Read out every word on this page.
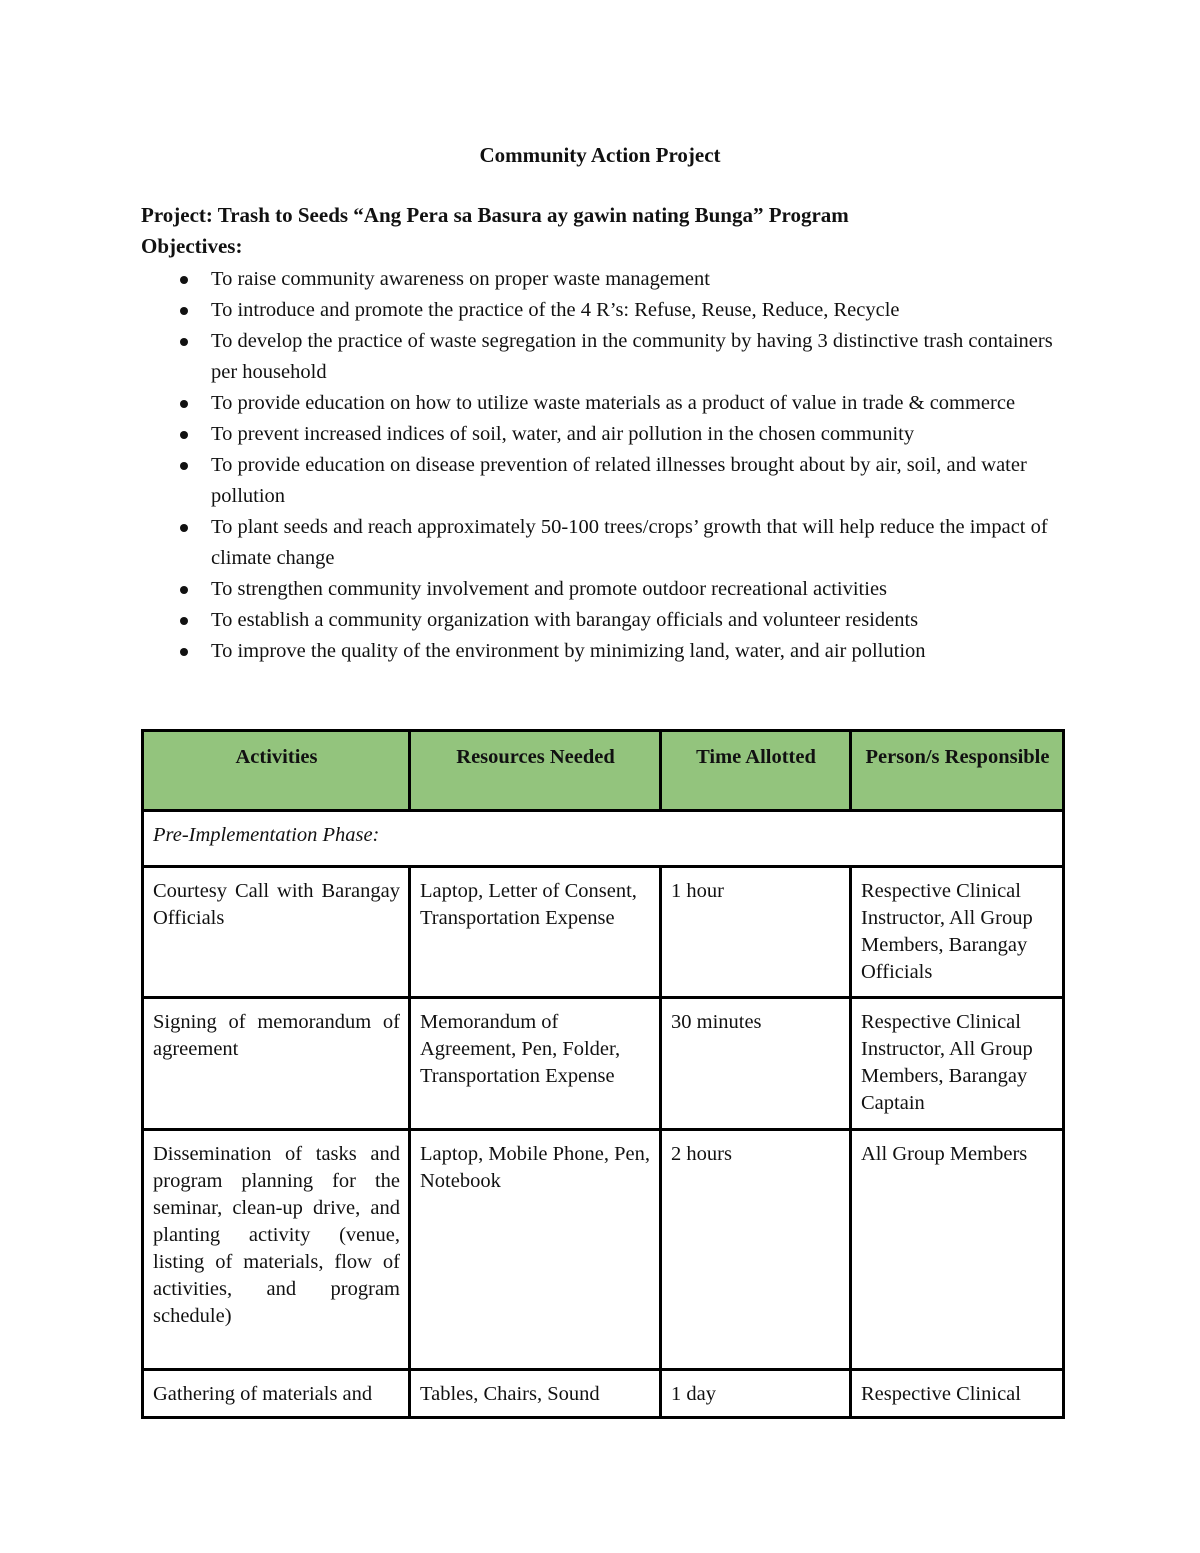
Community Action Project
Project: Trash to Seeds “Ang Pera sa Basura ay gawin nating Bunga” Program
Objectives:
To raise community awareness on proper waste management
To introduce and promote the practice of the 4 R’s: Refuse, Reuse, Reduce, Recycle
To develop the practice of waste segregation in the community by having 3 distinctive trash containers per household
To provide education on how to utilize waste materials as a product of value in trade & commerce
To prevent increased indices of soil, water, and air pollution in the chosen community
To provide education on disease prevention of related illnesses brought about by air, soil, and water pollution
To plant seeds and reach approximately 50-100 trees/crops’ growth that will help reduce the impact of climate change
To strengthen community involvement and promote outdoor recreational activities
To establish a community organization with barangay officials and volunteer residents
To improve the quality of the environment by minimizing land, water, and air pollution
Activities	Resources Needed	Time Allotted	Person/s Responsible
Pre-Implementation Phase:			
Courtesy Call with Barangay Officials	Laptop, Letter of Consent, Transportation Expense	1 hour	Respective Clinical Instructor, All Group Members, Barangay Officials
Signing of memorandum of agreement	Memorandum of Agreement, Pen, Folder, Transportation Expense	30 minutes	Respective Clinical Instructor, All Group Members, Barangay Captain
Dissemination of tasks and program planning for the seminar, clean-up drive, and planting activity (venue, listing of materials, flow of activities, and program schedule)	Laptop, Mobile Phone, Pen, Notebook	2 hours	All Group Members
Gathering of materials and	Tables, Chairs, Sound	1 day	Respective Clinical
